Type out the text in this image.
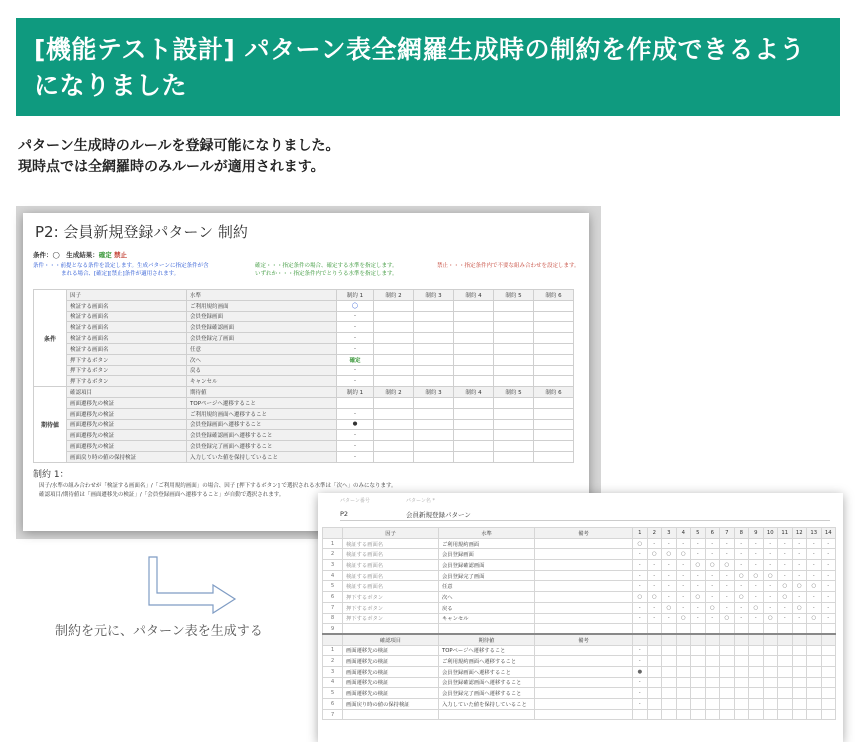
[機能テスト設計] パターン表全網羅生成時の制約を作成できるようになりました
パターン生成時のルールを登録可能になりました。
現時点では全網羅時のみルールが適用されます。
P2: 会員新規登録パターン 制約
条件：◯　生成結果：確定 禁止
条件・・・前提となる条件を設定します。生成パターンに指定条件が含
まれる場合、[確定][禁止]条件が適用されます。
確定・・・指定条件の場合、確定する水準を指定します。
いずれか・・・指定条件内でとりうる水準を指定します。
禁止・・・指定条件内で不要な組み合わせを設定します。
条件	因子	水準	制約 1	制約 2	制約 3	制約 4	制約 5	制約 6
	検証する画面名	ご利用規約画面	◯					
	検証する画面名	会員登録画面	-					
	検証する画面名	会員登録確認画面	-					
	検証する画面名	会員登録完了画面	-					
	検証する画面名	任意	-					
	押下するボタン	次へ	確定					
	押下するボタン	戻る	-					
	押下するボタン	キャンセル	-					
期待値	確認項目	期待値	制約 1	制約 2	制約 3	制約 4	制約 5	制約 6
	画面遷移先の検証	TOPページへ遷移すること						
	画面遷移先の検証	ご利用規約画面へ遷移すること	-					
	画面遷移先の検証	会員登録画面へ遷移すること	●					
	画面遷移先の検証	会員登録確認画面へ遷移すること	-					
	画面遷移先の検証	会員登録完了画面へ遷移すること	-					
	画面戻り時の値の保持検証	入力していた値を保持していること	-					
制約 1：
因子/水準の組み合わせが「検証する画面名」/「ご利用規約画面」の場合、因子 [押下するボタン] で選択される水準は「次へ」のみになります。
確認項目/期待値は「画面遷移先の検証」/「会員登録画面へ遷移すること」が自動で選択されます。
制約を元に、パターン表を生成する
パターン番号	パターン名 *
P2	会員新規登録パターン
	因子	水準	備考	1	2	3	4	5	6	7	8	9	10	11	12	13	14
1	検証する画面名	ご利用規約画面		○	-	-	-	-	-	-	-	-	-	-	-	-	-
2	検証する画面名	会員登録画面		-	○	○	○	-	-	-	-	-	-	-	-	-	-
3	検証する画面名	会員登録確認画面		-	-	-	-	○	○	○	-	-	-	-	-	-	-
4	検証する画面名	会員登録完了画面		-	-	-	-	-	-	-	○	○	○	-	-	-	-
5	検証する画面名	任意		-	-	-	-	-	-	-	-	-	-	○	○	○	-
6	押下するボタン	次へ		○	○	-	-	○	-	-	○	-	-	○	-	-	-
7	押下するボタン	戻る		-	-	○	-	-	○	-	-	○	-	-	○	-	-
8	押下するボタン	キャンセル		-	-	-	○	-	-	○	-	-	○	-	-	○	-
9																	
	確認項目	期待値	備考														
1	画面遷移先の検証	TOPページへ遷移すること		-													
2	画面遷移先の検証	ご利用規約画面へ遷移すること		-													
3	画面遷移先の検証	会員登録画面へ遷移すること		●													
4	画面遷移先の検証	会員登録確認画面へ遷移すること		-													
5	画面遷移先の検証	会員登録完了画面へ遷移すること		-													
6	画面戻り時の値の保持検証	入力していた値を保持していること		-													
7																	
